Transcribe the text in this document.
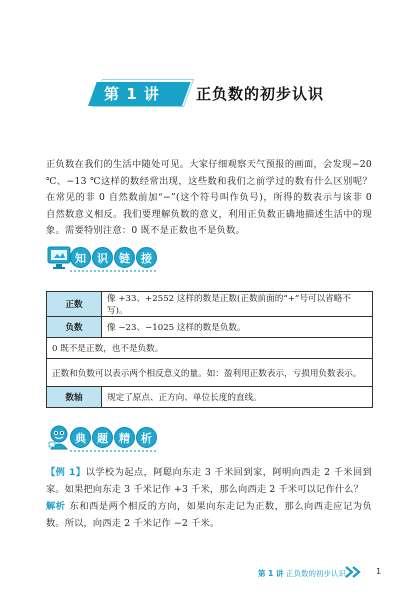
第 1 讲 正负数的初步认识
正负数在我们的生活中随处可见。大家仔细观察天气预报的画面，会发现−20 ℃、−13 ℃这样的数经常出现，这些数和我们之前学过的数有什么区别呢？在常见的非 0 自然数前加“−”(这个符号叫作负号)，所得的数表示与该非 0 自然数意义相反。我们要理解负数的意义，利用正负数正确地描述生活中的现象。需要特别注意：0 既不是正数也不是负数。
知	识	链	接
正数	像 +33、+2552 这样的数是正数(正数前面的“+”号可以省略不写)。
负数	像 −23、−1025 这样的数是负数。
0 既不是正数，也不是负数。	
正数和负数可以表示两个相反意义的量。如：盈利用正数表示，亏损用负数表示。	
数轴	规定了原点、正方向、单位长度的直线。
典	题	精	析
【例 1】以学校为起点，阿聪向东走 3 千米回到家，阿明向西走 2 千米回到家。如果把向东走 3 千米记作 +3 千米，那么向西走 2 千米可以记作什么？
解析 东和西是两个相反的方向，如果向东走记为正数，那么向西走应记为负数。所以，向西走 2 千米记作 −2 千米。
第 1 讲 正负数的初步认识	1
